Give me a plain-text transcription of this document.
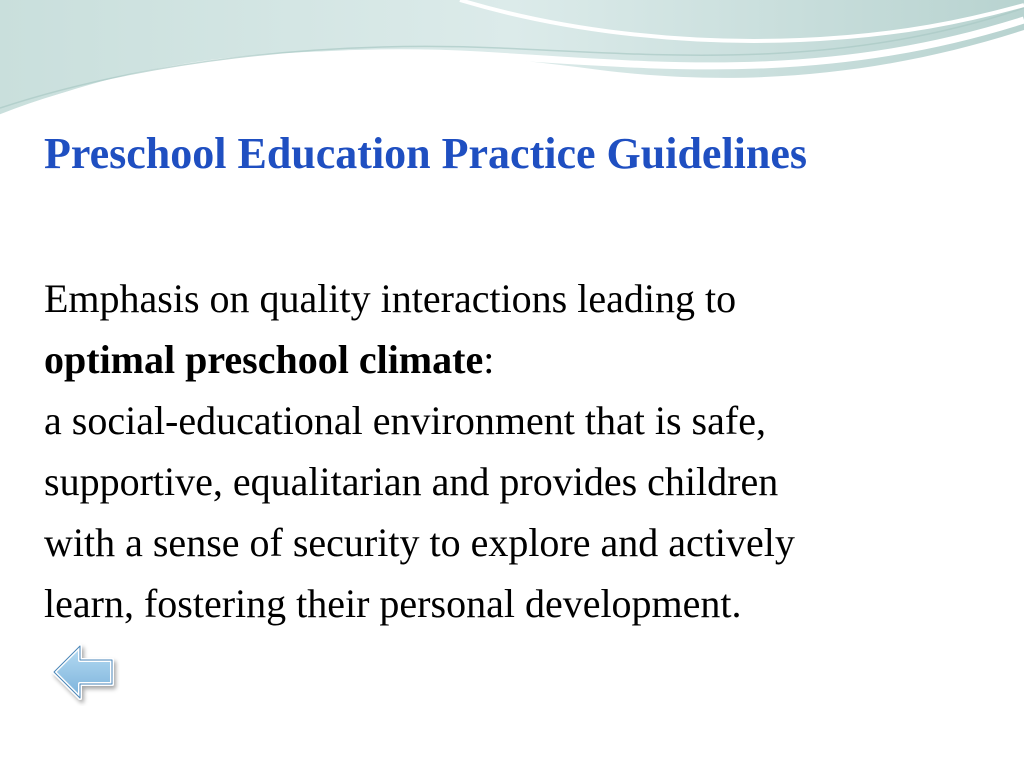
Preschool Education Practice Guidelines

Emphasis on quality interactions leading to
optimal preschool climate:
a social-educational environment that is safe,
supportive, equalitarian and provides children
with a sense of security to explore and actively
learn, fostering their personal development.
